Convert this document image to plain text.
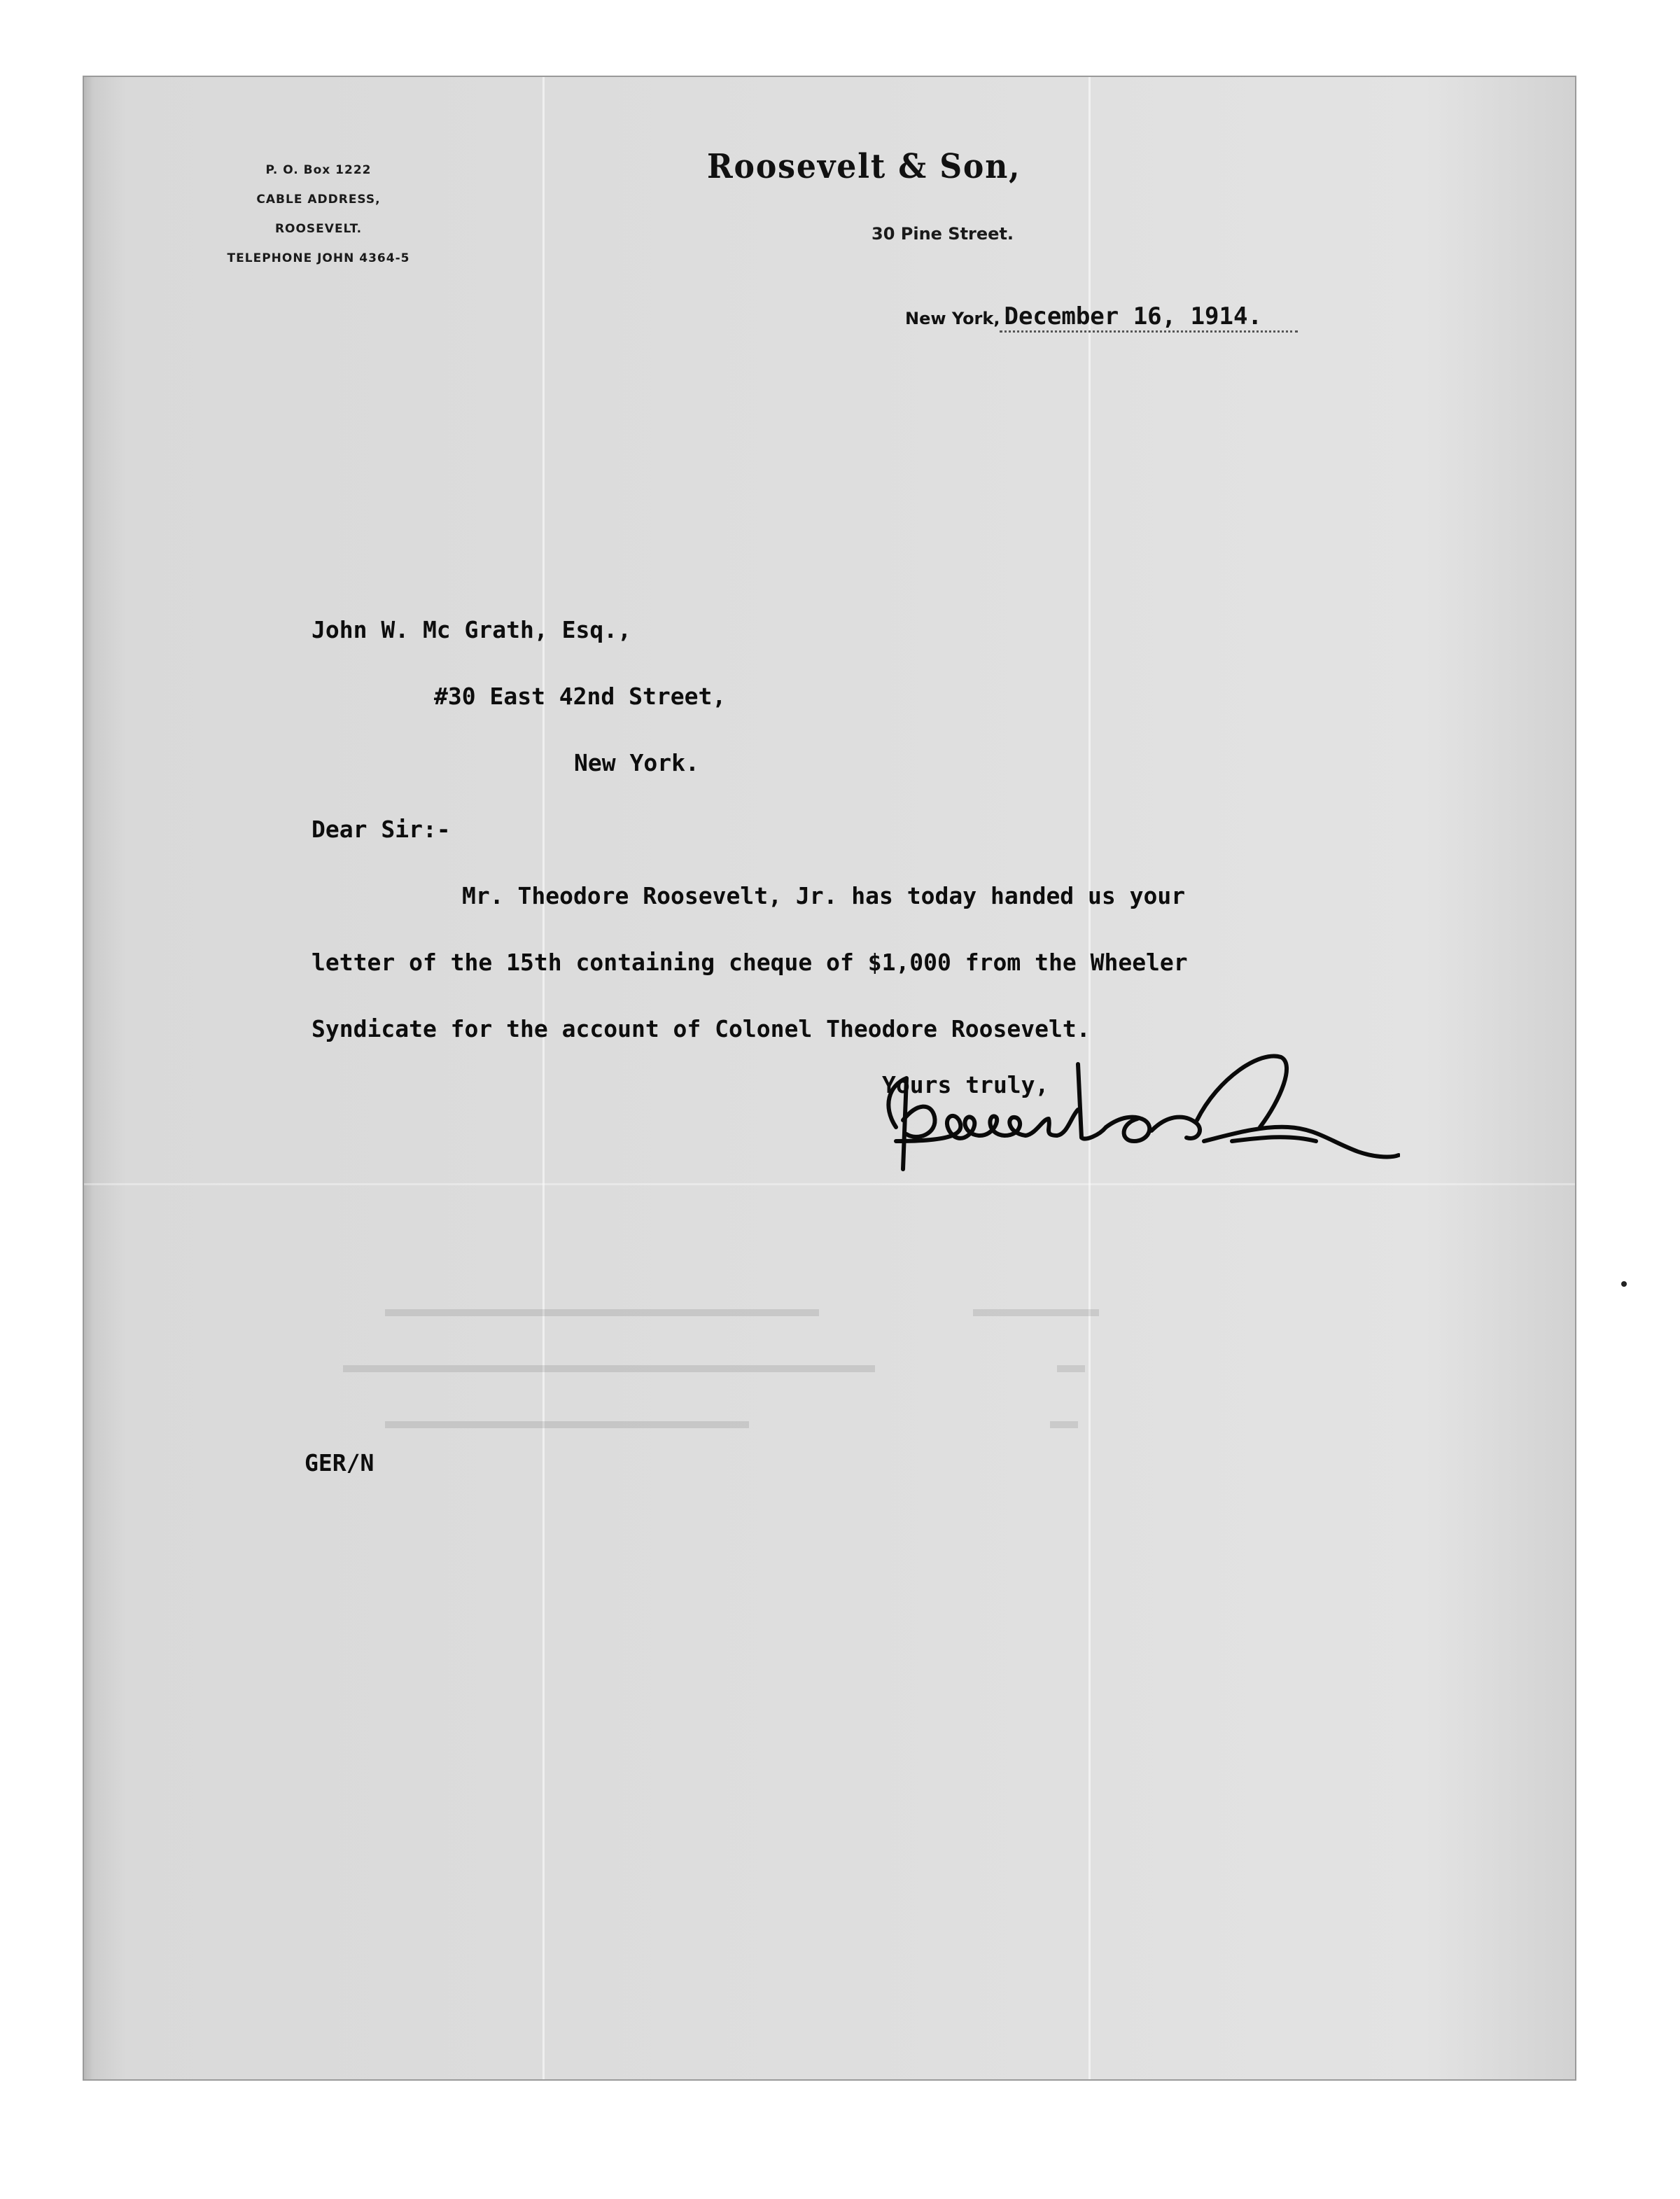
P. O. Box 1222
CABLE ADDRESS, ROOSEVELT.
TELEPHONE JOHN 4364-5
Roosevelt & Son,
30 Pine Street.
New York, December 16, 1914.
John W. Mc Grath, Esq.,
#30 East 42nd Street,
New York.
Dear Sir:-
Mr. Theodore Roosevelt, Jr. has today handed us your
letter of the 15th containing cheque of $1,000 from the Wheeler
Syndicate for the account of Colonel Theodore Roosevelt.
Yours truly,
GER/N
